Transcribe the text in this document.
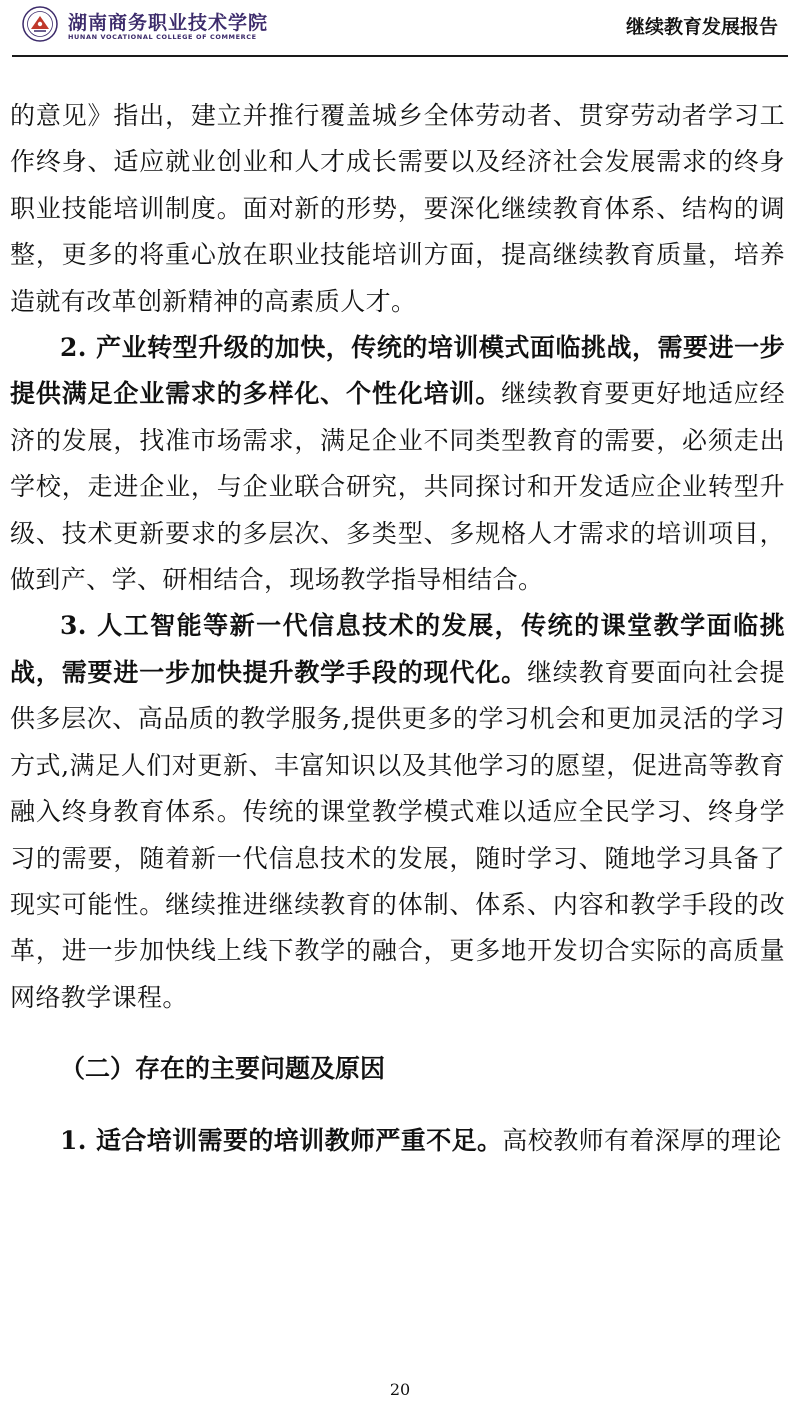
湖南商务职业技术学院
HUNAN VOCATIONAL COLLEGE OF COMMERCE	继续教育发展报告

的意见》指出，建立并推行覆盖城乡全体劳动者、贯穿劳动者学习工作终身、适应就业创业和人才成长需要以及经济社会发展需求的终身职业技能培训制度。面对新的形势，要深化继续教育体系、结构的调整，更多的将重心放在职业技能培训方面，提高继续教育质量，培养造就有改革创新精神的高素质人才。

2. 产业转型升级的加快，传统的培训模式面临挑战，需要进一步提供满足企业需求的多样化、个性化培训。继续教育要更好地适应经济的发展，找准市场需求，满足企业不同类型教育的需要，必须走出学校，走进企业，与企业联合研究，共同探讨和开发适应企业转型升级、技术更新要求的多层次、多类型、多规格人才需求的培训项目，做到产、学、研相结合，现场教学指导相结合。

3. 人工智能等新一代信息技术的发展，传统的课堂教学面临挑战，需要进一步加快提升教学手段的现代化。继续教育要面向社会提供多层次、高品质的教学服务,提供更多的学习机会和更加灵活的学习方式,满足人们对更新、丰富知识以及其他学习的愿望，促进高等教育融入终身教育体系。传统的课堂教学模式难以适应全民学习、终身学习的需要，随着新一代信息技术的发展，随时学习、随地学习具备了现实可能性。继续推进继续教育的体制、体系、内容和教学手段的改革，进一步加快线上线下教学的融合，更多地开发切合实际的高质量网络教学课程。

（二）存在的主要问题及原因

1. 适合培训需要的培训教师严重不足。高校教师有着深厚的理论

20
